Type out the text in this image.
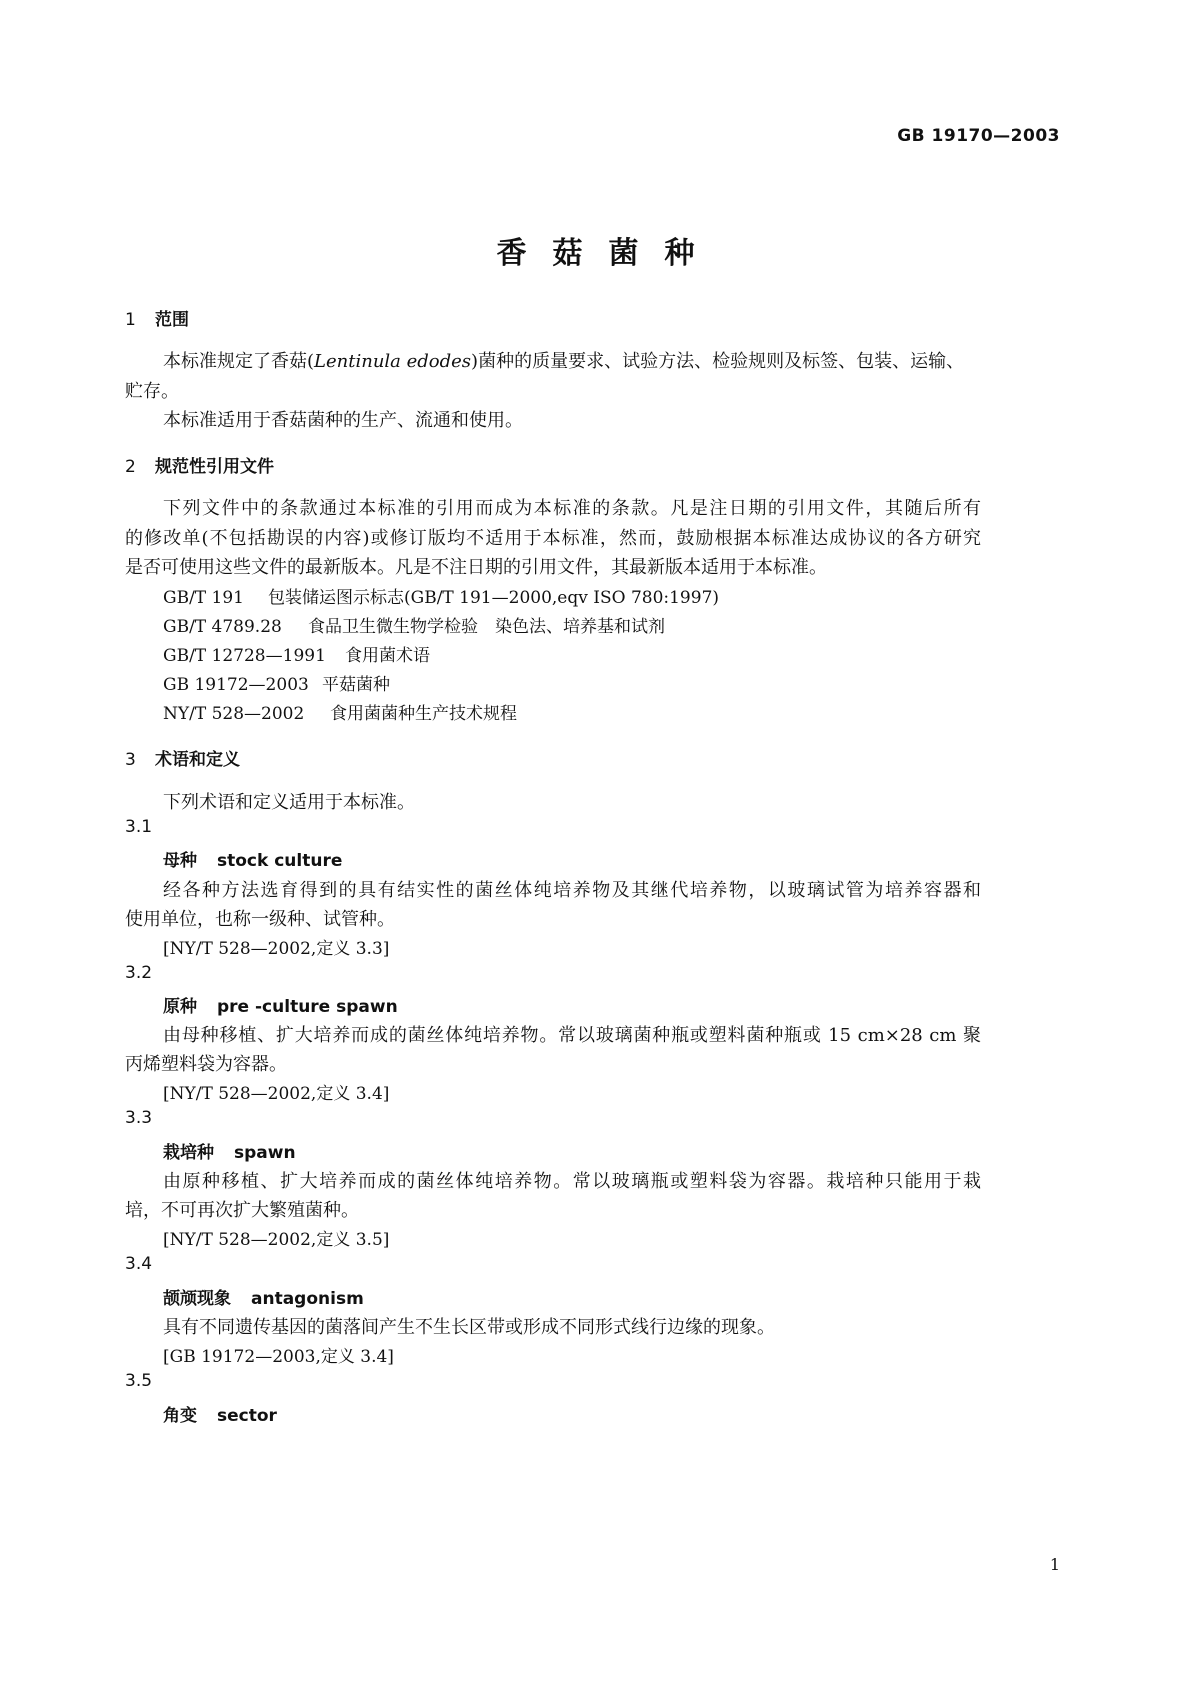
GB 19170—2003
香菇菌种
1 范围
本标准规定了香菇(Lentinula edodes)菌种的质量要求、试验方法、检验规则及标签、包装、运输、
贮存。
本标准适用于香菇菌种的生产、流通和使用。
2 规范性引用文件
下列文件中的条款通过本标准的引用而成为本标准的条款。凡是注日期的引用文件，其随后所有
的修改单(不包括勘误的内容)或修订版均不适用于本标准，然而，鼓励根据本标准达成协议的各方研究
是否可使用这些文件的最新版本。凡是不注日期的引用文件，其最新版本适用于本标准。
GB/T 191 包装储运图示标志(GB/T 191—2000,eqv ISO 780:1997)
GB/T 4789.28 食品卫生微生物学检验　染色法、培养基和试剂
GB/T 12728—1991 食用菌术语
GB 19172—2003 平菇菌种
NY/T 528—2002 食用菌菌种生产技术规程
3 术语和定义
下列术语和定义适用于本标准。
3.1
母种 stock culture
经各种方法选育得到的具有结实性的菌丝体纯培养物及其继代培养物，以玻璃试管为培养容器和
使用单位，也称一级种、试管种。
[NY/T 528—2002,定义 3.3]
3.2
原种 pre -culture spawn
由母种移植、扩大培养而成的菌丝体纯培养物。常以玻璃菌种瓶或塑料菌种瓶或 15 cm×28 cm 聚
丙烯塑料袋为容器。
[NY/T 528—2002,定义 3.4]
3.3
栽培种 spawn
由原种移植、扩大培养而成的菌丝体纯培养物。常以玻璃瓶或塑料袋为容器。栽培种只能用于栽
培，不可再次扩大繁殖菌种。
[NY/T 528—2002,定义 3.5]
3.4
颉颃现象 antagonism
具有不同遗传基因的菌落间产生不生长区带或形成不同形式线行边缘的现象。
[GB 19172—2003,定义 3.4]
3.5
角变 sector
1
